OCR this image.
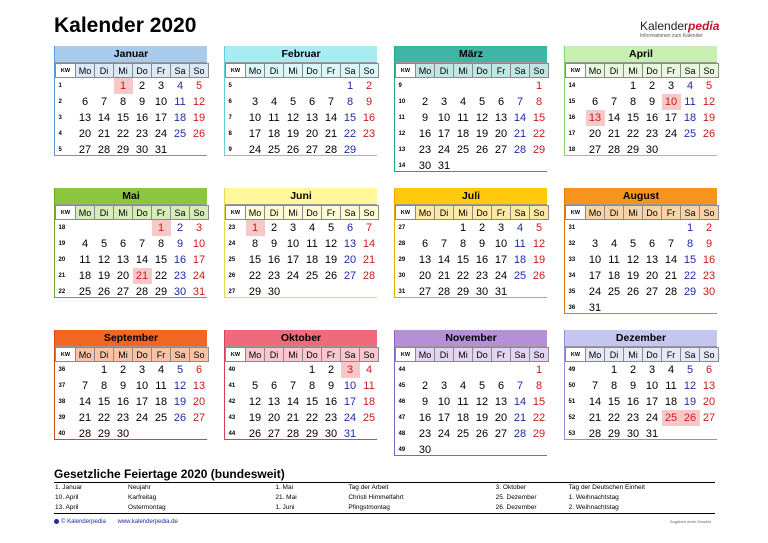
Kalender 2020	Kalenderpedia
Informationen zum Kalender
Januar
KW	Mo	Di	Mi	Do	Fr	Sa	So
1			1	2	3	4	5
2	6	7	8	9	10	11	12
3	13	14	15	16	17	18	19
4	20	21	22	23	24	25	26
5	27	28	29	30	31		
Februar
KW	Mo	Di	Mi	Do	Fr	Sa	So
5						1	2
6	3	4	5	6	7	8	9
7	10	11	12	13	14	15	16
8	17	18	19	20	21	22	23
9	24	25	26	27	28	29	
März
KW	Mo	Di	Mi	Do	Fr	Sa	So
9							1
10	2	3	4	5	6	7	8
11	9	10	11	12	13	14	15
12	16	17	18	19	20	21	22
13	23	24	25	26	27	28	29
14	30	31					
April
KW	Mo	Di	Mi	Do	Fr	Sa	So
14			1	2	3	4	5
15	6	7	8	9	10	11	12
16	13	14	15	16	17	18	19
17	20	21	22	23	24	25	26
18	27	28	29	30			
Mai
KW	Mo	Di	Mi	Do	Fr	Sa	So
18					1	2	3
19	4	5	6	7	8	9	10
20	11	12	13	14	15	16	17
21	18	19	20	21	22	23	24
22	25	26	27	28	29	30	31
Juni
KW	Mo	Di	Mi	Do	Fr	Sa	So
23	1	2	3	4	5	6	7
24	8	9	10	11	12	13	14
25	15	16	17	18	19	20	21
26	22	23	24	25	26	27	28
27	29	30					
Juli
KW	Mo	Di	Mi	Do	Fr	Sa	So
27			1	2	3	4	5
28	6	7	8	9	10	11	12
29	13	14	15	16	17	18	19
30	20	21	22	23	24	25	26
31	27	28	29	30	31		
August
KW	Mo	Di	Mi	Do	Fr	Sa	So
31						1	2
32	3	4	5	6	7	8	9
33	10	11	12	13	14	15	16
34	17	18	19	20	21	22	23
35	24	25	26	27	28	29	30
36	31						
September
KW	Mo	Di	Mi	Do	Fr	Sa	So
36		1	2	3	4	5	6
37	7	8	9	10	11	12	13
38	14	15	16	17	18	19	20
39	21	22	23	24	25	26	27
40	28	29	30				
Oktober
KW	Mo	Di	Mi	Do	Fr	Sa	So
40				1	2	3	4
41	5	6	7	8	9	10	11
42	12	13	14	15	16	17	18
43	19	20	21	22	23	24	25
44	26	27	28	29	30	31	
November
KW	Mo	Di	Mi	Do	Fr	Sa	So
44							1
45	2	3	4	5	6	7	8
46	9	10	11	12	13	14	15
47	16	17	18	19	20	21	22
48	23	24	25	26	27	28	29
49	30						
Dezember
KW	Mo	Di	Mi	Do	Fr	Sa	So
49		1	2	3	4	5	6
50	7	8	9	10	11	12	13
51	14	15	16	17	18	19	20
52	21	22	23	24	25	26	27
53	28	29	30	31			
Gesetzliche Feiertage 2020 (bundesweit)
1. Januar	Neujahr	1. Mai	Tag der Arbeit	3. Oktober	Tag der Deutschen Einheit
10. April	Karfreitag	21. Mai	Christi Himmelfahrt	25. Dezember	1. Weihnachtstag
13. April	Ostermontag	1. Juni	Pfingstmontag	26. Dezember	2. Weihnachtstag
© Kalenderpedia www.kalenderpedia.de	Angaben ohne Gewähr
